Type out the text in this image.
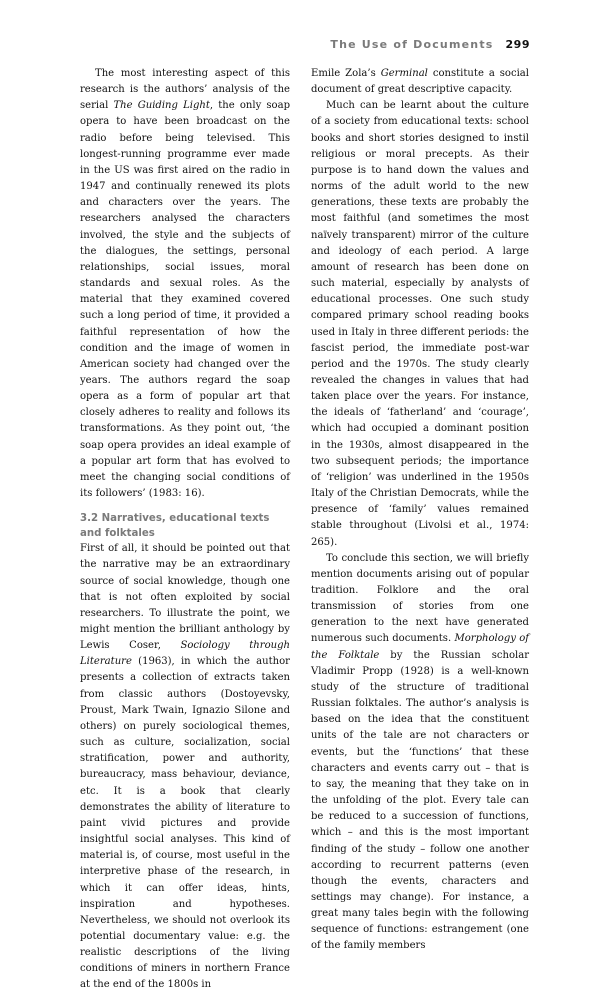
The Use of Documents 299

The most interesting aspect of this research is the authors’ analysis of the serial The Guiding Light, the only soap opera to have been broadcast on the radio before being televised. This longest-running programme ever made in the US was first aired on the radio in 1947 and continually renewed its plots and characters over the years. The researchers analysed the characters involved, the style and the subjects of the dialogues, the settings, personal relationships, social issues, moral standards and sexual roles. As the material that they examined covered such a long period of time, it provided a faithful representation of how the condition and the image of women in American society had changed over the years. The authors regard the soap opera as a form of popular art that closely adheres to reality and follows its transformations. As they point out, ‘the soap opera provides an ideal example of a popular art form that has evolved to meet the changing social conditions of its followers’ (1983: 16).

3.2 Narratives, educational texts
and folktales

First of all, it should be pointed out that the narrative may be an extraordinary source of social knowledge, though one that is not often exploited by social researchers. To illustrate the point, we might mention the brilliant anthology by Lewis Coser, Sociology through Literature (1963), in which the author presents a collection of extracts taken from classic authors (Dostoyevsky, Proust, Mark Twain, Ignazio Silone and others) on purely sociological themes, such as culture, socialization, social stratification, power and authority, bureaucracy, mass behaviour, deviance, etc. It is a book that clearly demonstrates the ability of literature to paint vivid pictures and provide insightful social analyses. This kind of material is, of course, most useful in the interpretive phase of the research, in which it can offer ideas, hints, inspiration and hypotheses. Nevertheless, we should not overlook its potential documentary value: e.g. the realistic descriptions of the living conditions of miners in northern France at the end of the 1800s in

Emile Zola’s Germinal constitute a social document of great descriptive capacity.

Much can be learnt about the culture of a society from educational texts: school books and short stories designed to instil religious or moral precepts. As their purpose is to hand down the values and norms of the adult world to the new generations, these texts are probably the most faithful (and sometimes the most naïvely transparent) mirror of the culture and ideology of each period. A large amount of research has been done on such material, especially by analysts of educational processes. One such study compared primary school reading books used in Italy in three different periods: the fascist period, the immediate post-war period and the 1970s. The study clearly revealed the changes in values that had taken place over the years. For instance, the ideals of ‘fatherland’ and ‘courage’, which had occupied a dominant position in the 1930s, almost disappeared in the two subsequent periods; the importance of ‘religion’ was underlined in the 1950s Italy of the Christian Democrats, while the presence of ‘family’ values remained stable throughout (Livolsi et al., 1974: 265).

To conclude this section, we will briefly mention documents arising out of popular tradition. Folklore and the oral transmission of stories from one generation to the next have generated numerous such documents. Morphology of the Folktale by the Russian scholar Vladimir Propp (1928) is a well-known study of the structure of traditional Russian folktales. The author’s analysis is based on the idea that the constituent units of the tale are not characters or events, but the ‘functions’ that these characters and events carry out – that is to say, the meaning that they take on in the unfolding of the plot. Every tale can be reduced to a succession of functions, which – and this is the most important finding of the study – follow one another according to recurrent patterns (even though the events, characters and settings may change). For instance, a great many tales begin with the following sequence of functions: estrangement (one of the family members
